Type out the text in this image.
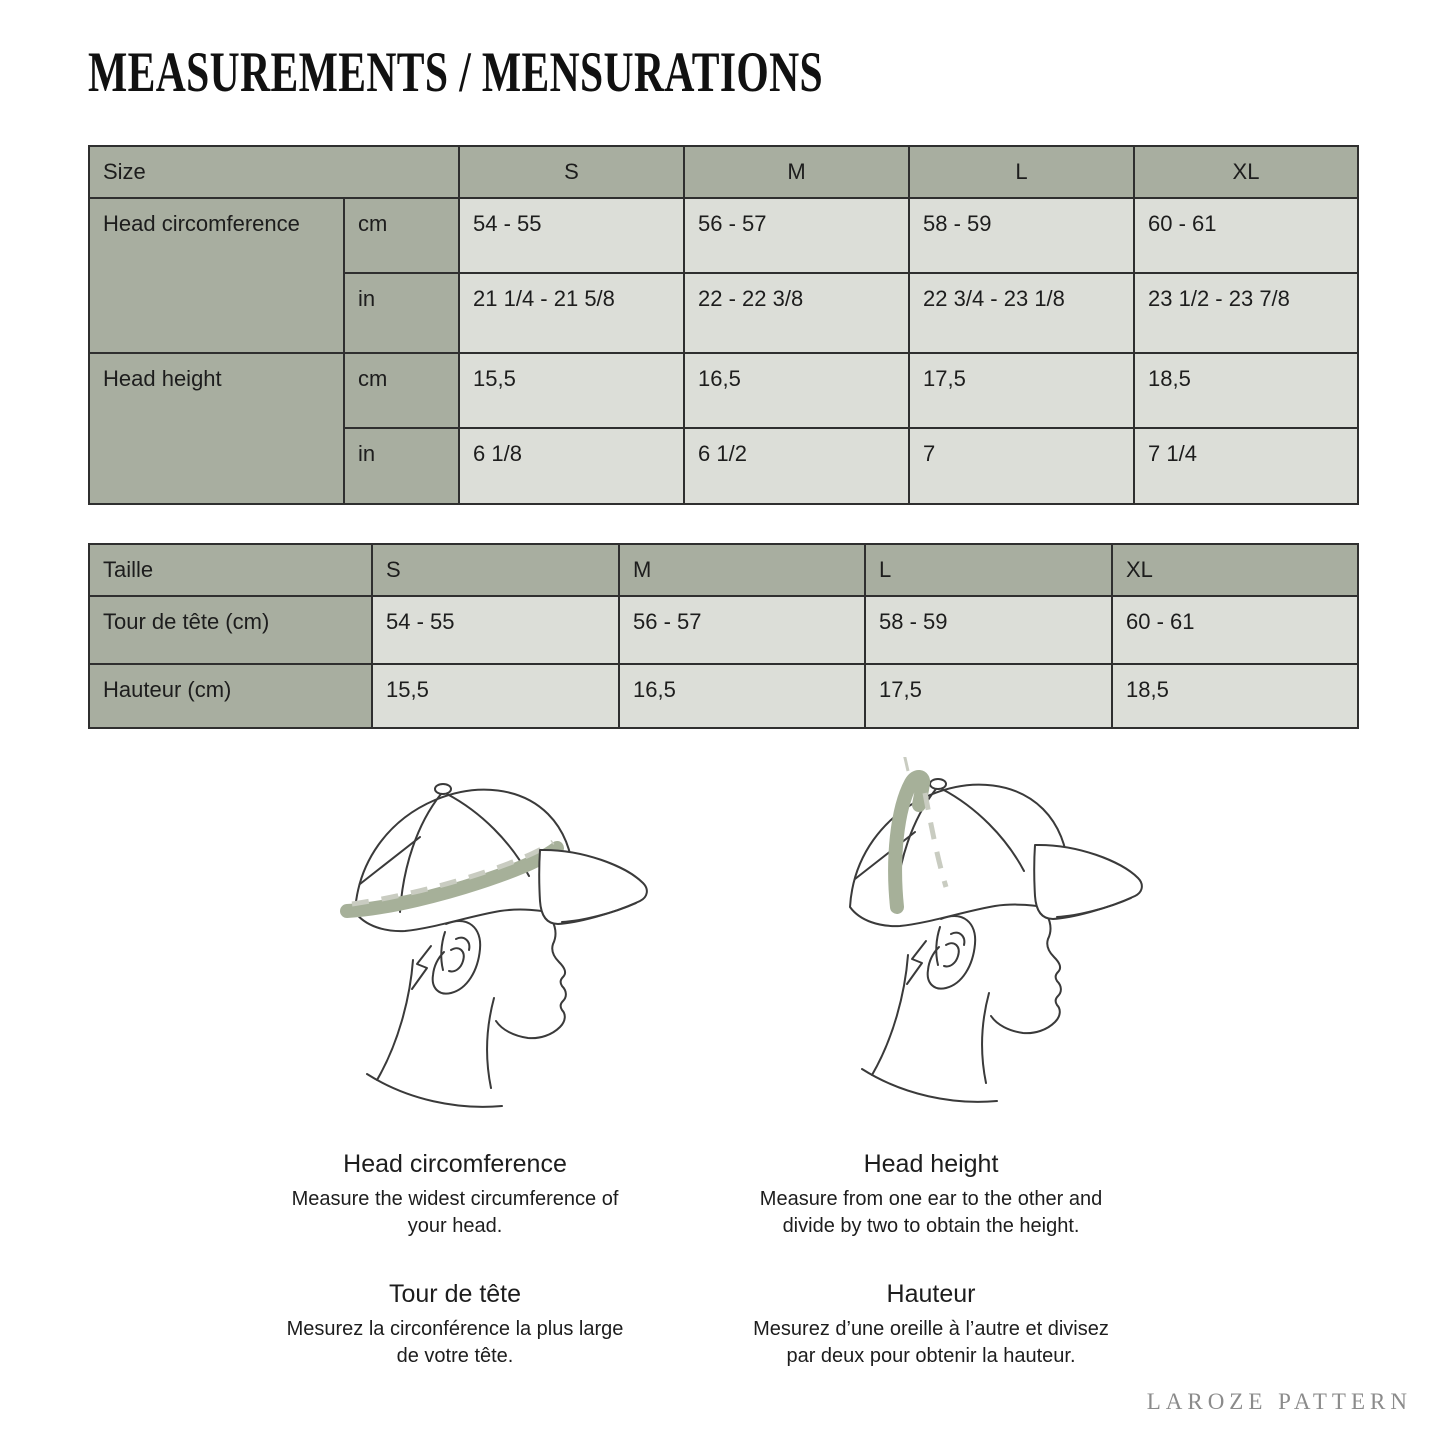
MEASUREMENTS / MENSURATIONS
Size		S	M	L	XL
Head circomference	cm	54 - 55	56 - 57	58 - 59	60 - 61
	in	21 1/4 - 21 5/8	22 - 22 3/8	22 3/4 - 23 1/8	23 1/2 - 23 7/8
Head height	cm	15,5	16,5	17,5	18,5
	in	6 1/8	6 1/2	7	7 1/4
Taille	S	M	L	XL
Tour de tête (cm)	54 - 55	56 - 57	58 - 59	60 - 61
Hauteur (cm)	15,5	16,5	17,5	18,5
Head circomference
Measure the widest circumference of
your head.
Head height
Measure from one ear to the other and
divide by two to obtain the height.
Tour de tête
Mesurez la circonférence la plus large
de votre tête.
Hauteur
Mesurez d’une oreille à l’autre et divisez
par deux pour obtenir la hauteur.
LAROZE PATTERN
